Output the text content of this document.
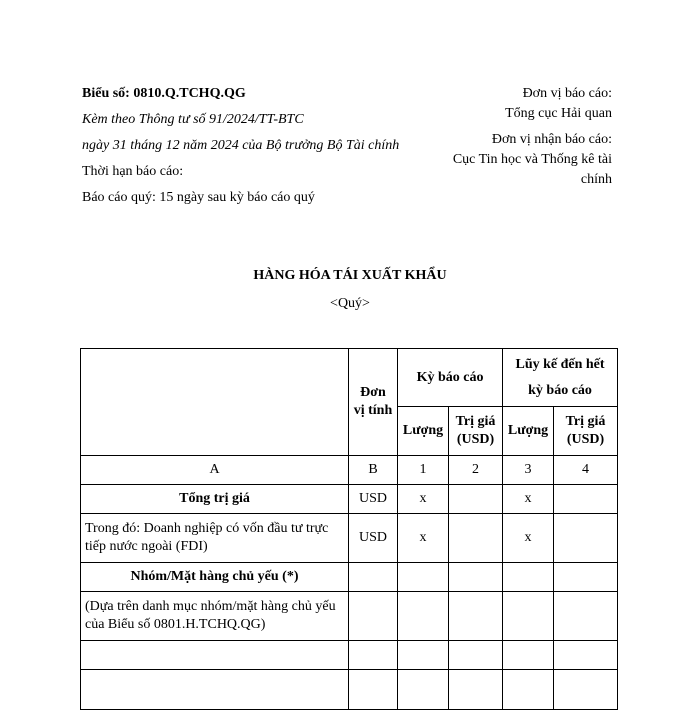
Biểu số: 0810.Q.TCHQ.QG
Kèm theo Thông tư số 91/2024/TT-BTC
ngày 31 tháng 12 năm 2024 của Bộ trưởng Bộ Tài chính
Thời hạn báo cáo:
Báo cáo quý: 15 ngày sau kỳ báo cáo quý
Đơn vị báo cáo:
Tổng cục Hải quan
Đơn vị nhận báo cáo:
Cục Tin học và Thống kê tài chính
HÀNG HÓA TÁI XUẤT KHẨU
<Quý>
	Đơn vị tính	Kỳ báo cáo		Lũy kế đến hết kỳ báo cáo	
		Lượng	Trị giá (USD)	Lượng	Trị giá (USD)
A	B	1	2	3	4
Tổng trị giá	USD	x		x	
Trong đó: Doanh nghiệp có vốn đầu tư trực tiếp nước ngoài (FDI)	USD	x		x	
Nhóm/Mặt hàng chủ yếu (*)					
(Dựa trên danh mục nhóm/mặt hàng chủ yếu của Biểu số 0801.H.TCHQ.QG)					
